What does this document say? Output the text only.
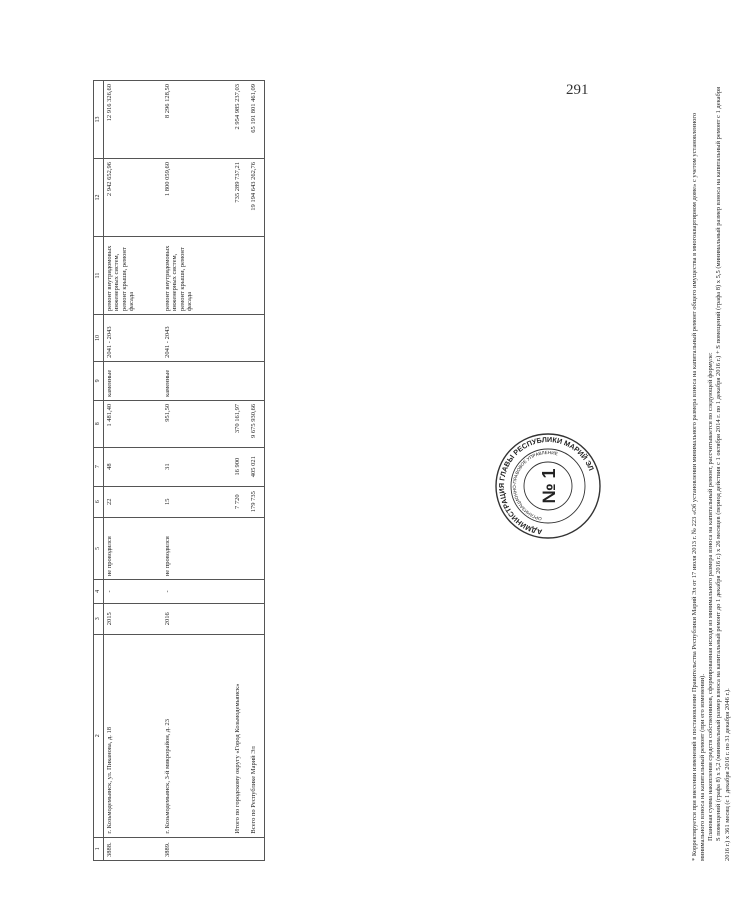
291
1	2	3	4	5	6	7	8	9	10	11	12	13
3888.	г. Козьмодемьянск, ул. Пиканова, д. 18	2015	-	не проводился	22	48	1 481,40	каменные	2041 - 2043	ремонт внутридомовых инженерных систем, ремонт крыши, ремонт фасада	2 942 652,96	12 916 326,60
3889.	г. Козьмодемьянск, 3-й микрорайон, д. 23	2016	-	не проводился	15	31	951,50	каменные	2041 - 2043	ремонт внутридомовых инженерных систем, ремонт крыши, ремонт фасада	1 800 059,60	8 296 128,50
	Итого по городскому округу «Город Козьмодемьянск»				7 720	16 900	370 161,97				735 289 737,21	2 954 985 237,03
	Всего по Республике Марий Эл				179 735	405 021	9 675 930,66				19 194 643 262,76	65 191 801 461,09

* Корректируется при внесении изменений в постановление Правительства Республики Марий Эл от 17 июля 2013 г. № 223 «Об установлении минимального размера взноса на капитальный ремонт общего имущества в многоквартирном доме» с учетом установленного минимального взноса на капитальный ремонт (при его изменении). Плановая сумма накопления средств собственников, сформированная исходя из минимального размера взноса на капитальный ремонт, рассчитывается по следующей формуле: S помещений (графа 8) х 5,2 (минимальный размер взноса на капитальный ремонт до 1 декабря 2016 г.) х 26 месяцев (период действия с 1 октября 2014 г. по 1 декабря 2016 г.) + S помещений (графа 8) х 5,5 (минимальный размер взноса на капитальный ремонт с 1 декабря 2016 г.) х 361 месяц (с 1 декабря 2016 г. по 31 декабря 2046 г.).

АДМИНИСТРАЦИЯ ГЛАВЫ РЕСПУБЛИКИ МАРИЙ ЭЛ
ОРГАНИЗАЦИОННО-ПРАВОВОЕ УПРАВЛЕНИЕ
№ 1
